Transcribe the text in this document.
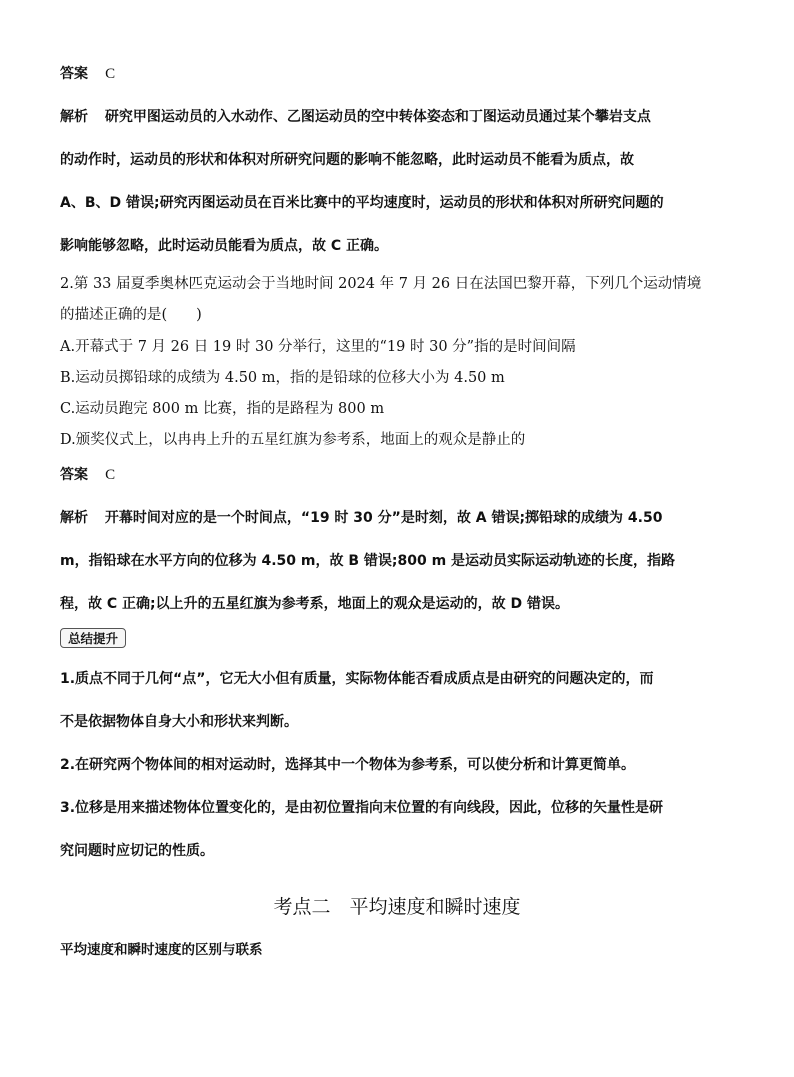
答案 C
解析 研究甲图运动员的入水动作、乙图运动员的空中转体姿态和丁图运动员通过某个攀岩支点
的动作时，运动员的形状和体积对所研究问题的影响不能忽略，此时运动员不能看为质点，故
A、B、D 错误;研究丙图运动员在百米比赛中的平均速度时，运动员的形状和体积对所研究问题的
影响能够忽略，此时运动员能看为质点，故 C 正确。
2.第 33 届夏季奥林匹克运动会于当地时间 2024 年 7 月 26 日在法国巴黎开幕，下列几个运动情境
的描述正确的是(　　)
A.开幕式于 7 月 26 日 19 时 30 分举行，这里的“19 时 30 分”指的是时间间隔
B.运动员掷铅球的成绩为 4.50 m，指的是铅球的位移大小为 4.50 m
C.运动员跑完 800 m 比赛，指的是路程为 800 m
D.颁奖仪式上，以冉冉上升的五星红旗为参考系，地面上的观众是静止的
答案 C
解析 开幕时间对应的是一个时间点，“19 时 30 分”是时刻，故 A 错误;掷铅球的成绩为 4.50
m，指铅球在水平方向的位移为 4.50 m，故 B 错误;800 m 是运动员实际运动轨迹的长度，指路
程，故 C 正确;以上升的五星红旗为参考系，地面上的观众是运动的，故 D 错误。
总结提升
1.质点不同于几何“点”，它无大小但有质量，实际物体能否看成质点是由研究的问题决定的，而
不是依据物体自身大小和形状来判断。
2.在研究两个物体间的相对运动时，选择其中一个物体为参考系，可以使分析和计算更简单。
3.位移是用来描述物体位置变化的，是由初位置指向末位置的有向线段，因此，位移的矢量性是研
究问题时应切记的性质。
考点二　平均速度和瞬时速度
平均速度和瞬时速度的区别与联系
